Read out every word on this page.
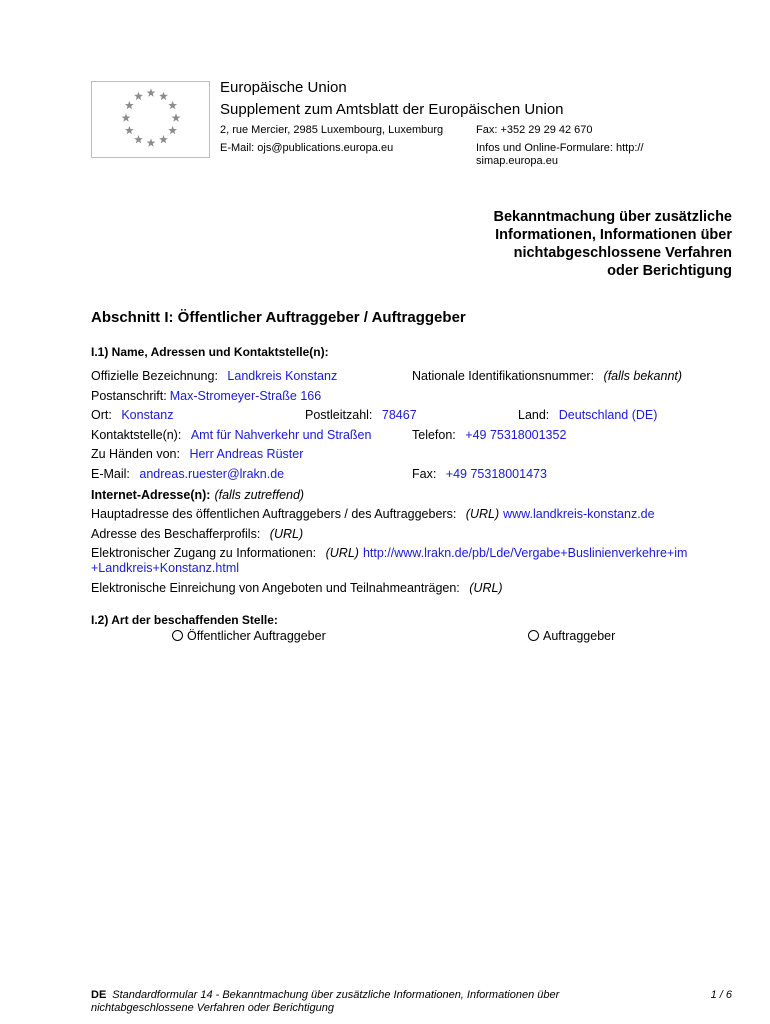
Europäische Union
Supplement zum Amtsblatt der Europäischen Union
2, rue Mercier, 2985 Luxembourg, Luxemburg	Fax: +352 29 29 42 670
E-Mail: ojs@publications.europa.eu	Infos und Online-Formulare: http://
simap.europa.eu
Bekanntmachung über zusätzliche
Informationen, Informationen über
nichtabgeschlossene Verfahren
oder Berichtigung
Abschnitt I: Öffentlicher Auftraggeber / Auftraggeber
I.1) Name, Adressen und Kontaktstelle(n):
Offizielle Bezeichnung: Landkreis Konstanz	Nationale Identifikationsnummer: (falls bekannt)
Postanschrift: Max-Stromeyer-Straße 166
Ort: Konstanz	Postleitzahl: 78467	Land: Deutschland (DE)
Kontaktstelle(n): Amt für Nahverkehr und Straßen	Telefon: +49 75318001352
Zu Händen von: Herr Andreas Rüster
E-Mail: andreas.ruester@lrakn.de	Fax: +49 75318001473
Internet-Adresse(n): (falls zutreffend)
Hauptadresse des öffentlichen Auftraggebers / des Auftraggebers: (URL) www.landkreis-konstanz.de
Adresse des Beschafferprofils: (URL)
Elektronischer Zugang zu Informationen: (URL) http://www.lrakn.de/pb/Lde/Vergabe+Buslinienverkehre+im
+Landkreis+Konstanz.html
Elektronische Einreichung von Angeboten und Teilnahmeanträgen: (URL)
I.2) Art der beschaffenden Stelle:
Öffentlicher Auftraggeber	Auftraggeber
DE Standardformular 14 - Bekanntmachung über zusätzliche Informationen, Informationen über
nichtabgeschlossene Verfahren oder Berichtigung
1 / 6
